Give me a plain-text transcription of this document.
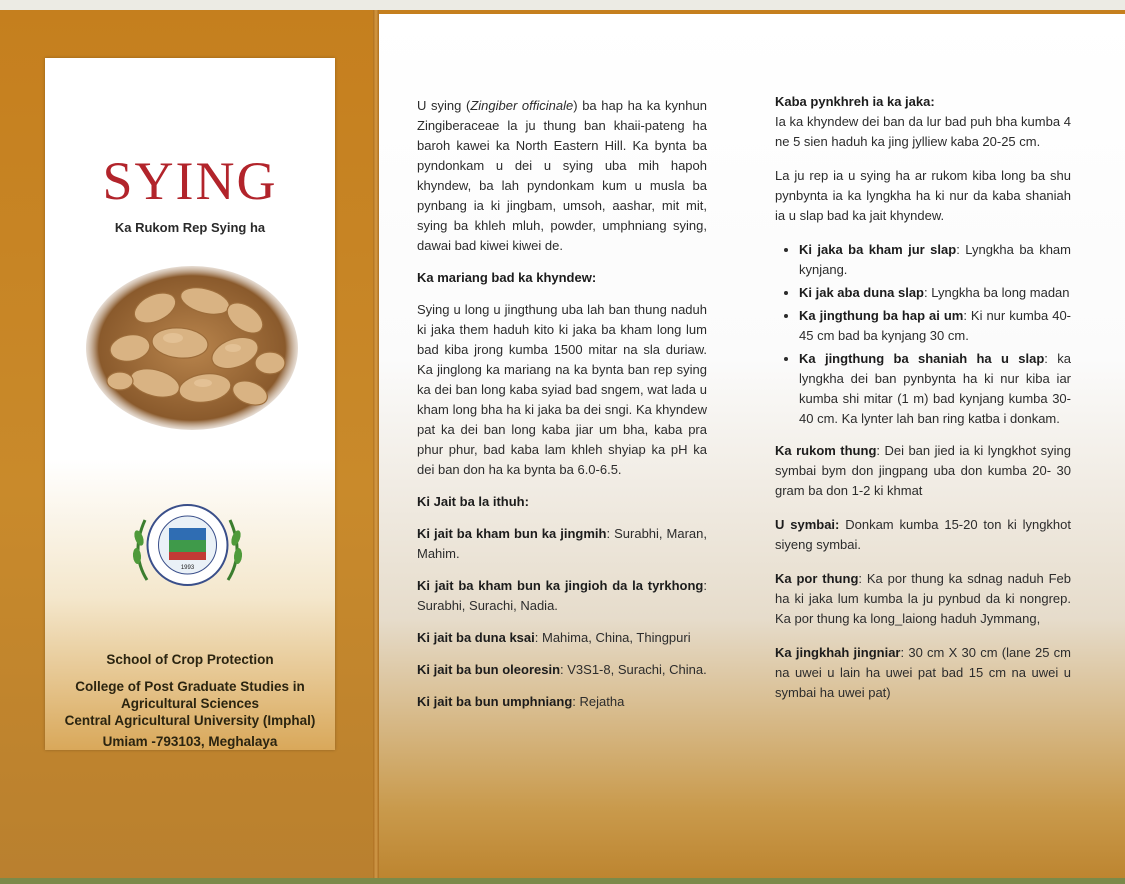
SYING
Ka Rukom Rep Sying ha
1993
School of Crop Protection
College of Post Graduate Studies in
Agricultural Sciences
Central Agricultural University (Imphal)
Umiam -793103, Meghalaya

U sying (Zingiber officinale) ba hap ha ka kynhun Zingiberaceae la ju thung ban khaii-pateng ha baroh kawei ka North Eastern Hill. Ka bynta ba pyndonkam u dei u sying uba mih hapoh khyndew, ba lah pyndonkam kum u musla ba pynbang ia ki jingbam, umsoh, aashar, mit mit, sying ba khleh mluh, powder, umphniang sying, dawai bad kiwei kiwei de.

Ka mariang bad ka khyndew:

Sying u long u jingthung uba lah ban thung naduh ki jaka them haduh kito ki jaka ba kham long lum bad kiba jrong kumba 1500 mitar na sla duriaw. Ka jinglong ka mariang na ka bynta ban rep sying ka dei ban long kaba syiad bad sngem, wat lada u kham long bha ha ki jaka ba dei sngi. Ka khyndew pat ka dei ban long kaba jiar um bha, kaba pra phur phur, bad kaba lam khleh shyiap ka pH ka dei ban don ha ka bynta ba 6.0-6.5.

Ki Jait ba la ithuh:

Ki jait ba kham bun ka jingmih: Surabhi, Maran, Mahim.

Ki jait ba kham bun ka jingioh da la tyrkhong: Surabhi, Surachi, Nadia.

Ki jait ba duna ksai: Mahima, China, Thingpuri

Ki jait ba bun oleoresin: V3S1-8, Surachi, China.

Ki jait ba bun umphniang: Rejatha

Kaba pynkhreh ia ka jaka:

Ia ka khyndew dei ban da lur bad puh bha kumba 4 ne 5 sien haduh ka jing jylliew kaba 20-25 cm.

La ju rep ia u sying ha ar rukom kiba long ba shu pynbynta ia ka lyngkha ha ki nur da kaba shaniah ia u slap bad ka jait khyndew.

• Ki jaka ba kham jur slap: Lyngkha ba kham kynjang.
• Ki jak aba duna slap: Lyngkha ba long madan
• Ka jingthung ba hap ai um: Ki nur kumba 40-45 cm bad ba kynjang 30 cm.
• Ka jingthung ba shaniah ha u slap: ka lyngkha dei ban pynbynta ha ki nur kiba iar kumba shi mitar (1 m) bad kynjang kumba 30- 40 cm. Ka lynter lah ban ring katba i donkam.

Ka rukom thung: Dei ban jied ia ki lyngkhot sying symbai bym don jingpang uba don kumba 20- 30 gram ba don 1-2 ki khmat

U symbai: Donkam kumba 15-20 ton ki lyngkhot siyeng symbai.

Ka por thung: Ka por thung ka sdnag naduh Feb ha ki jaka lum kumba la ju pynbud da ki nongrep. Ka por thung ka long_laiong haduh Jymmang,

Ka jingkhah jingniar: 30 cm X 30 cm (lane 25 cm na uwei u lain ha uwei pat bad 15 cm na uwei u symbai ha uwei pat)
